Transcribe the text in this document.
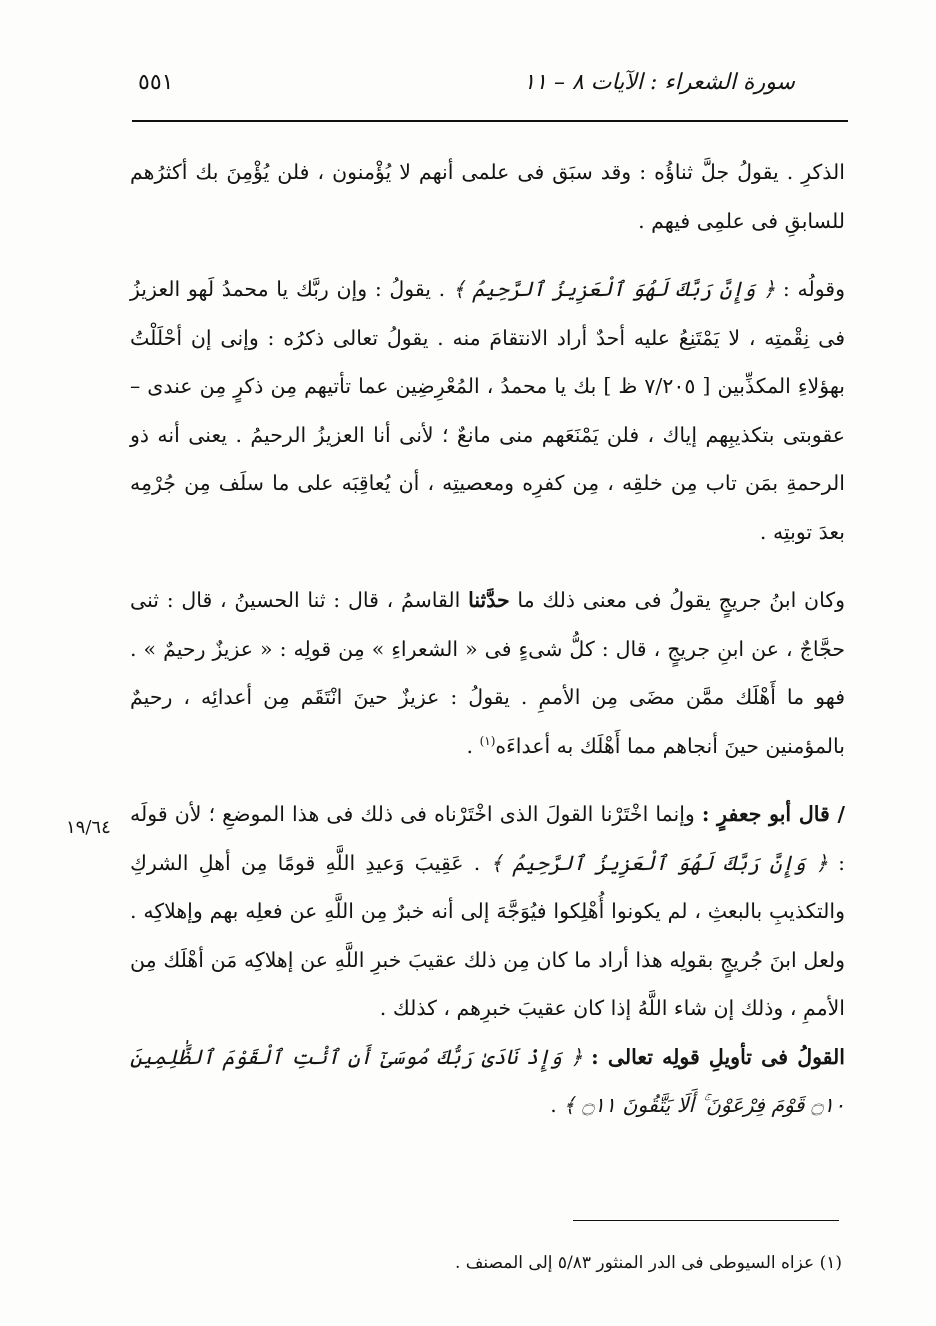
سورة الشعراء : الآيات ٨ – ١١
٥٥١
١٩/٦٤

الذكرِ . يقولُ جلَّ ثناؤُه : وقد سبَق فى علمى أنهم لا يُؤْمنون ، فلن يُؤْمِنَ بك أكثرُهم للسابقِ فى علمِى فيهم .

وقولُه : ﴿ وَإِنَّ رَبَّكَ لَهُوَ ٱلْعَزِيزُ ٱلرَّحِيمُ ﴾ . يقولُ : وإن ربَّك يا محمدُ لَهو العزيزُ فى نِقْمتِه ، لا يَمْتَنِعُ عليه أحدٌ أراد الانتقامَ منه . يقولُ تعالى ذكرُه : وإنى إن أحْلَلْتُ بهؤلاءِ المكذِّبين [ ٧/٢٠٥ ظ ] بك يا محمدُ ، المُعْرِضِين عما تأتيهم مِن ذكرٍ مِن عندى – عقوبتى بتكذيبِهم إياك ، فلن يَمْنَعَهم منى مانعٌ ؛ لأنى أنا العزيزُ الرحيمُ . يعنى أنه ذو الرحمةِ بمَن تاب مِن خلقِه ، مِن كفرِه ومعصيتِه ، أن يُعاقِبَه على ما سلَف مِن جُرْمِه بعدَ توبتِه .

وكان ابنُ جريجٍ يقولُ فى معنى ذلك ما حدَّثنا القاسمُ ، قال : ثنا الحسينُ ، قال : ثنى حجَّاجٌ ، عن ابنِ جريجٍ ، قال : كلُّ شىءٍ فى « الشعراءِ » مِن قولِه : « عزيزٌ رحيمٌ » . فهو ما أَهْلَك ممَّن مضَى مِن الأممِ . يقولُ : عزيزٌ حينَ انْتَقَم مِن أعدائِه ، رحيمٌ بالمؤمنين حينَ أنجاهم مما أَهْلَك به أعداءَه$^{(١)}$ .

/ قال أبو جعفرٍ : وإنما اخْتَرْنا القولَ الذى اخْتَرْناه فى ذلك فى هذا الموضعِ ؛ لأن قولَه : ﴿ وَإِنَّ رَبَّكَ لَهُوَ ٱلْعَزِيزُ ٱلرَّحِيمُ ﴾ . عَقِيبَ وَعيدِ اللَّهِ قومًا مِن أهلِ الشركِ والتكذيبِ بالبعثِ ، لم يكونوا أُهْلِكوا فيُوَجَّهَ إلى أنه خبرٌ مِن اللَّهِ عن فعلِه بهم وإهلاكِه . ولعل ابنَ جُريجٍ بقولِه هذا أراد ما كان مِن ذلك عقيبَ خبرِ اللَّهِ عن إهلاكِه مَن أهْلَك مِن الأممِ ، وذلك إن شاء اللَّهُ إذا كان عقيبَ خبرِهم ، كذلك .

القولُ فى تأويلِ قولِه تعالى : ﴿ وَإِذْ نَادَىٰ رَبُّكَ مُوسَىٰٓ أَنِ ٱئْتِ ٱلْقَوْمَ ٱلظَّٰلِمِينَ ۝١٠ قَوْمَ فِرْعَوْنَ ۚ أَلَا يَتَّقُونَ ۝١١ ﴾ .

(١) عزاه السيوطى فى الدر المنثور ٥/٨٣ إلى المصنف .
